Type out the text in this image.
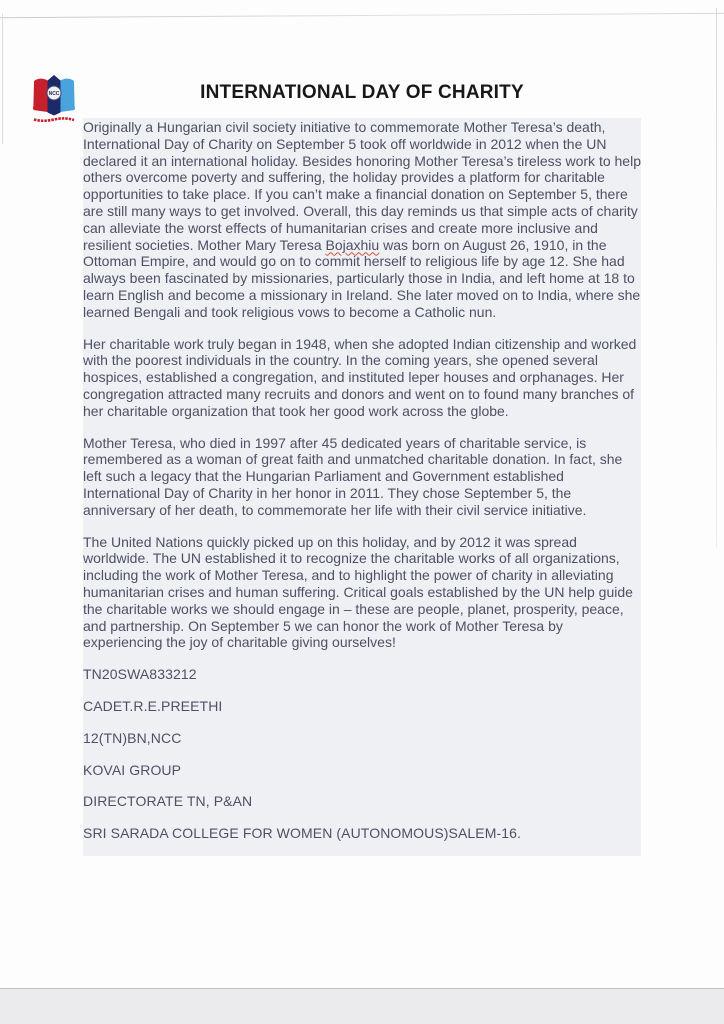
NCC	INTERNATIONAL DAY OF CHARITY

Originally a Hungarian civil society initiative to commemorate Mother Teresa’s death, International Day of Charity on September 5 took off worldwide in 2012 when the UN declared it an international holiday. Besides honoring Mother Teresa’s tireless work to help others overcome poverty and suffering, the holiday provides a platform for charitable opportunities to take place. If you can’t make a financial donation on September 5, there are still many ways to get involved. Overall, this day reminds us that simple acts of charity can alleviate the worst effects of humanitarian crises and create more inclusive and resilient societies. Mother Mary Teresa Bojaxhiu was born on August 26, 1910, in the Ottoman Empire, and would go on to commit herself to religious life by age 12. She had always been fascinated by missionaries, particularly those in India, and left home at 18 to learn English and become a missionary in Ireland. She later moved on to India, where she learned Bengali and took religious vows to become a Catholic nun.

Her charitable work truly began in 1948, when she adopted Indian citizenship and worked with the poorest individuals in the country. In the coming years, she opened several hospices, established a congregation, and instituted leper houses and orphanages. Her congregation attracted many recruits and donors and went on to found many branches of her charitable organization that took her good work across the globe.

Mother Teresa, who died in 1997 after 45 dedicated years of charitable service, is remembered as a woman of great faith and unmatched charitable donation. In fact, she left such a legacy that the Hungarian Parliament and Government established International Day of Charity in her honor in 2011. They chose September 5, the anniversary of her death, to commemorate her life with their civil service initiative.

The United Nations quickly picked up on this holiday, and by 2012 it was spread worldwide. The UN established it to recognize the charitable works of all organizations, including the work of Mother Teresa, and to highlight the power of charity in alleviating humanitarian crises and human suffering. Critical goals established by the UN help guide the charitable works we should engage in – these are people, planet, prosperity, peace, and partnership. On September 5 we can honor the work of Mother Teresa by experiencing the joy of charitable giving ourselves!

TN20SWA833212

CADET.R.E.PREETHI

12(TN)BN,NCC

KOVAI GROUP

DIRECTORATE TN, P&AN

SRI SARADA COLLEGE FOR WOMEN (AUTONOMOUS)SALEM-16.
